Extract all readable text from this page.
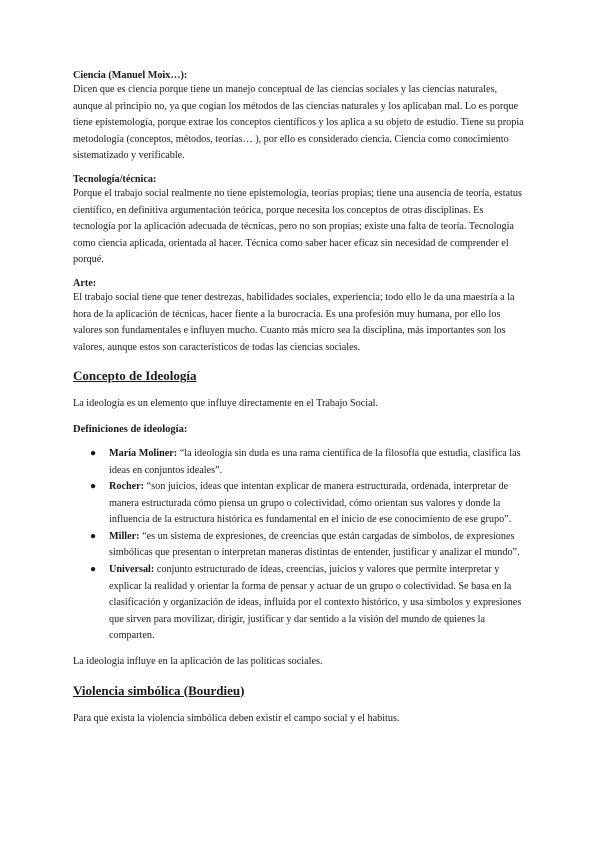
Ciencia (Manuel Moix…):

Dicen que es ciencia porque tiene un manejo conceptual de las ciencias sociales y las ciencias naturales, aunque al principio no, ya que cogían los métodos de las ciencias naturales y los aplicaban mal. Lo es porque tiene epistemología, porque extrae los conceptos científicos y los aplica a su objeto de estudio. Tiene su propia metodología (conceptos, métodos, teorías… ), por ello es considerado ciencia. Ciencia como conocimiento sistematizado y verificable.

Tecnología/técnica:

Porque el trabajo social realmente no tiene epistemología, teorías propias; tiene una ausencia de teoría, estatus científico, en definitiva argumentación teórica, porque necesita los conceptos de otras disciplinas. Es tecnología por la aplicación adecuada de técnicas, pero no son propias; existe una falta de teoría. Tecnología como ciencia aplicada, orientada al hacer. Técnica como saber hacer eficaz sin necesidad de comprender el porqué.

Arte:

El trabajo social tiene que tener destrezas, habilidades sociales, experiencia; todo ello le da una maestría a la hora de la aplicación de técnicas, hacer fiente a la burocracia. Es una profesión muy humana, por ello los valores son fundamentales e influyen mucho. Cuanto más micro sea la disciplina, más importantes son los valores, aunque estos son característicos de todas las ciencias sociales.

Concepto de Ideología

La ideología es un elemento que influye directamente en el Trabajo Social.

Definiciones de ideología:

● María Moliner: “la ideología sin duda es una rama científica de la filosofía que estudia, clasifica las ideas en conjuntos ideales”.
● Rocher: “son juicios, ideas que intentan explicar de manera estructurada, ordenada, interpretar de manera estructurada cómo piensa un grupo o colectividad, cómo orientan sus valores y donde la influencia de la estructura histórica es fundamental en el inicio de ese conocimiento de ese grupo”.
● Miller: “es un sistema de expresiones, de creencias que están cargadas de símbolos, de expresiones simbólicas que presentan o interpretan maneras distintas de entender, justificar y analizar el mundo”.
● Universal: conjunto estructurado de ideas, creencias, juicios y valores que permite interpretar y explicar la realidad y orientar la forma de pensar y actuar de un grupo o colectividad. Se basa en la clasificación y organización de ideas, influida por el contexto histórico, y usa símbolos y expresiones que sirven para movilizar, dirigir, justificar y dar sentido a la visión del mundo de quienes la comparten.

La ideología influye en la aplicación de las políticas sociales.

Violencia simbólica (Bourdieu)

Para que exista la violencia simbólica deben existir el campo social y el habitus.
